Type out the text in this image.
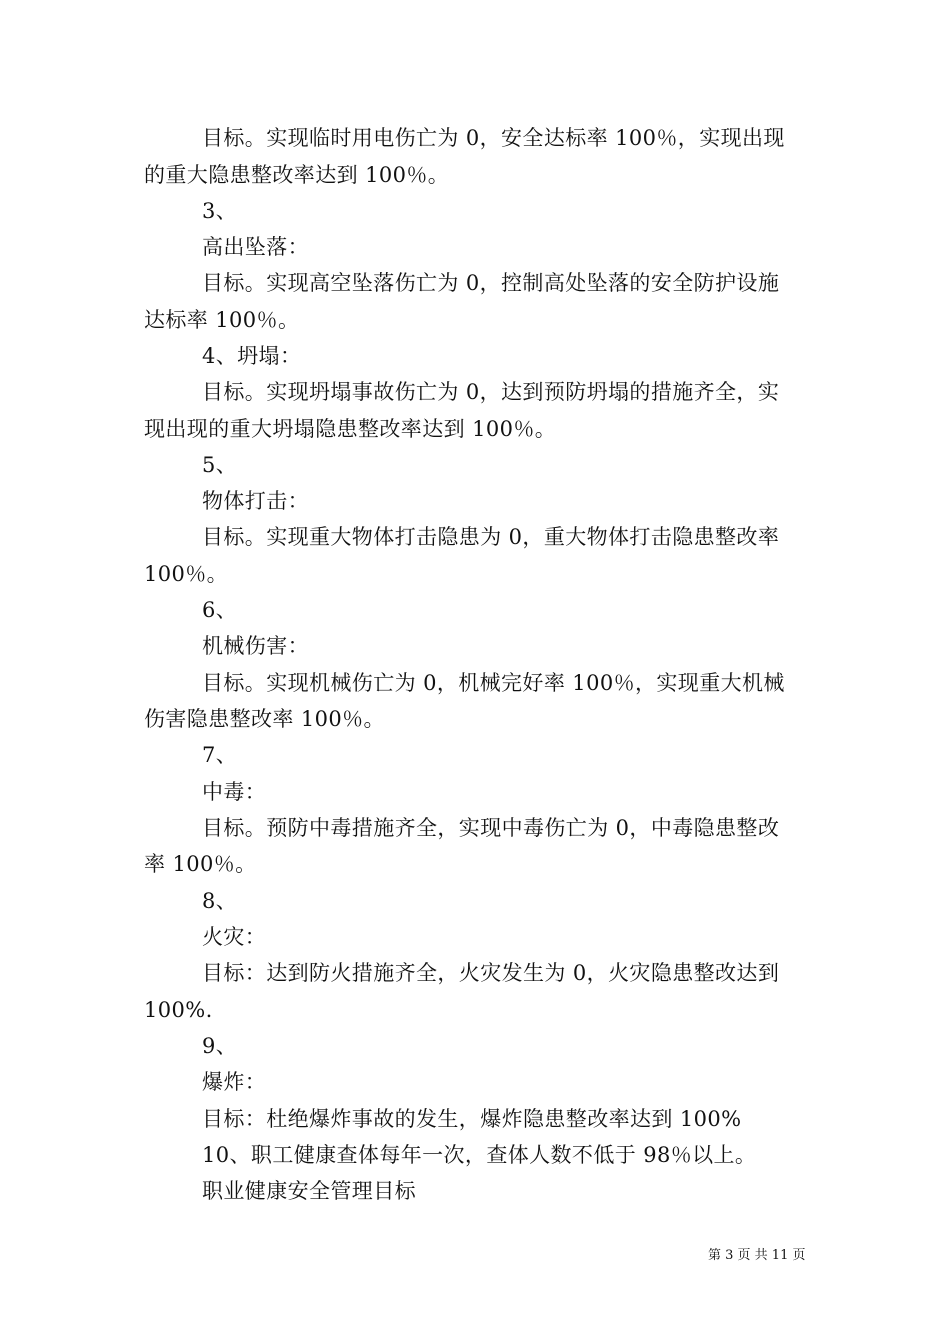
目标。实现临时用电伤亡为 0，安全达标率 100％，实现出现
的重大隐患整改率达到 100％。
3、
高出坠落：
目标。实现高空坠落伤亡为 0，控制高处坠落的安全防护设施
达标率 100％。
4、坍塌：
目标。实现坍塌事故伤亡为 0，达到预防坍塌的措施齐全，实
现出现的重大坍塌隐患整改率达到 100％。
5、
物体打击：
目标。实现重大物体打击隐患为 0，重大物体打击隐患整改率
100％。
6、
机械伤害：
目标。实现机械伤亡为 0，机械完好率 100％，实现重大机械
伤害隐患整改率 100％。
7、
中毒：
目标。预防中毒措施齐全，实现中毒伤亡为 0，中毒隐患整改
率 100％。
8、
火灾：
目标：达到防火措施齐全，火灾发生为 0，火灾隐患整改达到
100%.
9、
爆炸：
目标：杜绝爆炸事故的发生，爆炸隐患整改率达到 100%
10、职工健康查体每年一次，查体人数不低于 98％以上。
职业健康安全管理目标
第 3 页 共 11 页
